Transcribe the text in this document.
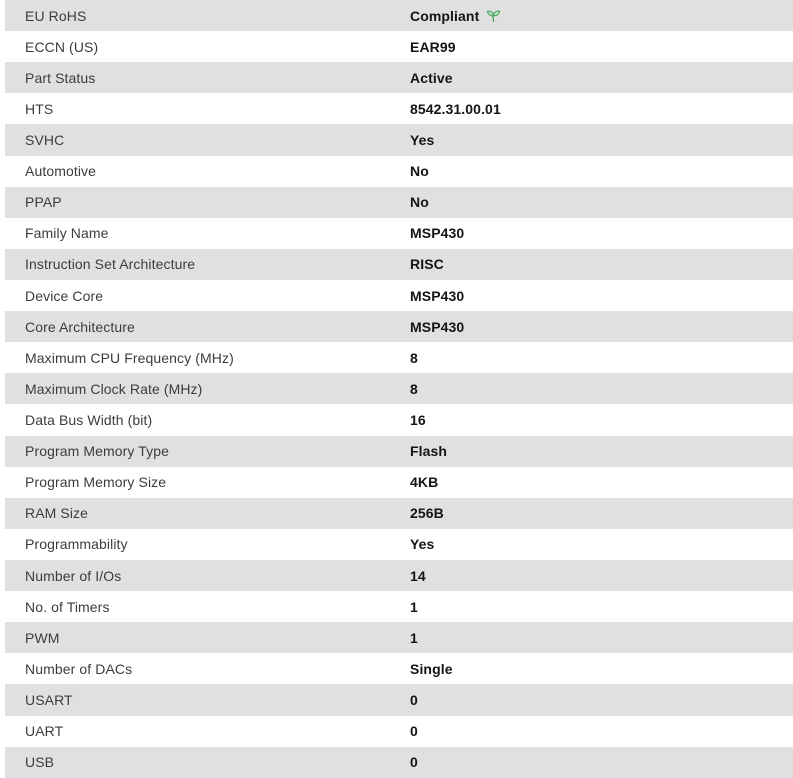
EU RoHS	Compliant
ECCN (US)	EAR99
Part Status	Active
HTS	8542.31.00.01
SVHC	Yes
Automotive	No
PPAP	No
Family Name	MSP430
Instruction Set Architecture	RISC
Device Core	MSP430
Core Architecture	MSP430
Maximum CPU Frequency (MHz)	8
Maximum Clock Rate (MHz)	8
Data Bus Width (bit)	16
Program Memory Type	Flash
Program Memory Size	4KB
RAM Size	256B
Programmability	Yes
Number of I/Os	14
No. of Timers	1
PWM	1
Number of DACs	Single
USART	0
UART	0
USB	0
